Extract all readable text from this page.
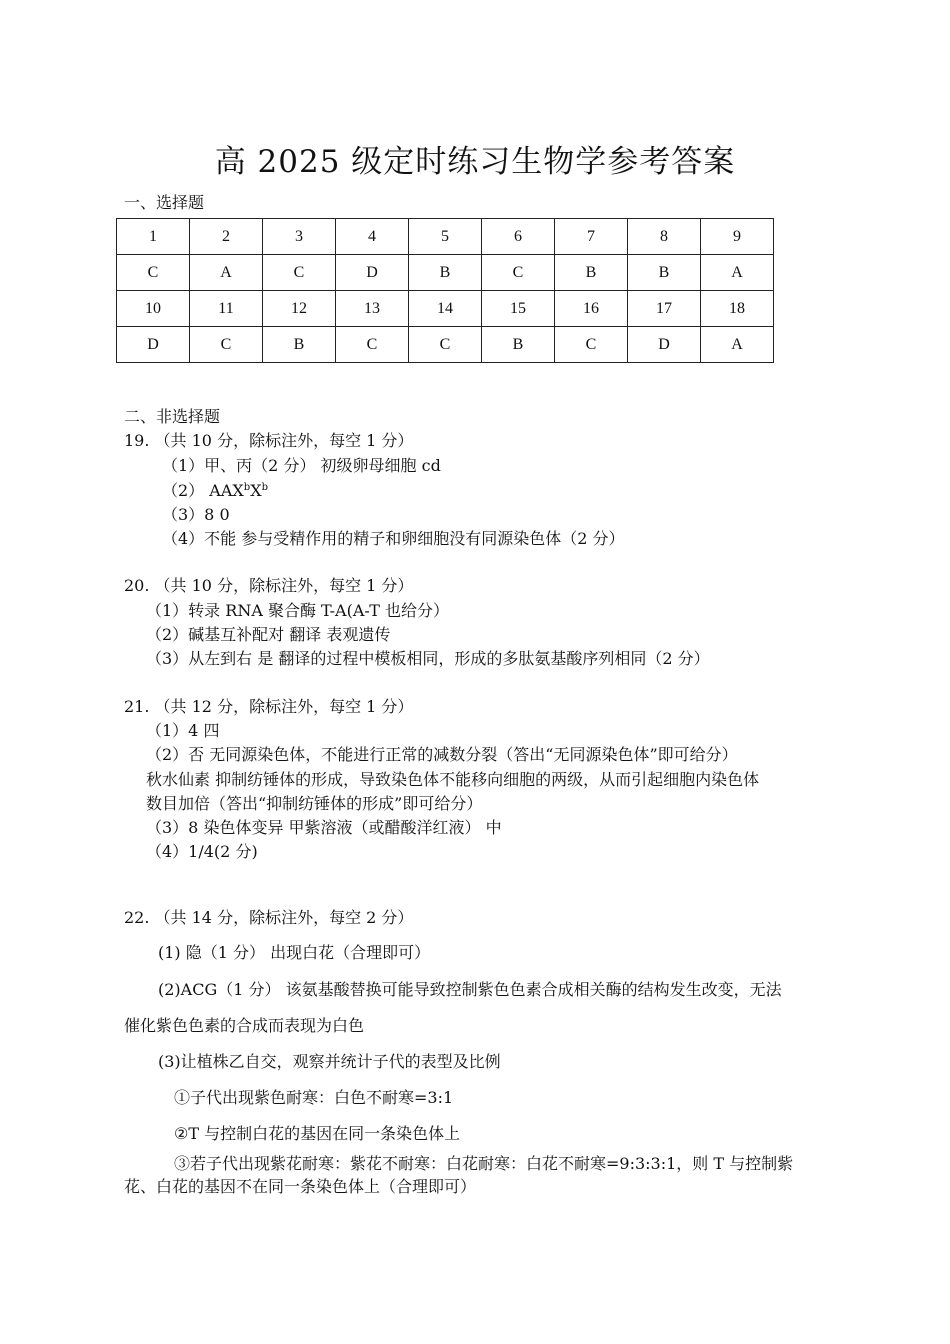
高 2025 级定时练习生物学参考答案
一、选择题
1	2	3	4	5	6	7	8	9
C	A	C	D	B	C	B	B	A
10	11	12	13	14	15	16	17	18
D	C	B	C	C	B	C	D	A
二、非选择题
19. （共 10 分，除标注外，每空 1 分）
（1）甲、丙（2 分） 初级卵母细胞 cd
（2） $AAX^bX^b$
（3）8 0
（4）不能 参与受精作用的精子和卵细胞没有同源染色体（2 分）
20. （共 10 分，除标注外，每空 1 分）
（1）转录 RNA 聚合酶 T-A(A-T 也给分）
（2）碱基互补配对 翻译 表观遗传
（3）从左到右 是 翻译的过程中模板相同，形成的多肽氨基酸序列相同（2 分）
21. （共 12 分，除标注外，每空 1 分）
（1）4 四
（2）否 无同源染色体，不能进行正常的减数分裂（答出“无同源染色体”即可给分）
秋水仙素 抑制纺锤体的形成，导致染色体不能移向细胞的两级，从而引起细胞内染色体
数目加倍（答出“抑制纺锤体的形成”即可给分）
（3）8 染色体变异 甲紫溶液（或醋酸洋红液） 中
（4）1/4(2 分)
22. （共 14 分，除标注外，每空 2 分）
(1) 隐（1 分） 出现白花（合理即可）
(2)ACG（1 分） 该氨基酸替换可能导致控制紫色色素合成相关酶的结构发生改变，无法
催化紫色色素的合成而表现为白色
(3)让植株乙自交，观察并统计子代的表型及比例
①子代出现紫色耐寒：白色不耐寒=3:1
②T 与控制白花的基因在同一条染色体上
③若子代出现紫花耐寒：紫花不耐寒：白花耐寒：白花不耐寒=9:3:3:1，则 T 与控制紫
花、白花的基因不在同一条染色体上（合理即可）
